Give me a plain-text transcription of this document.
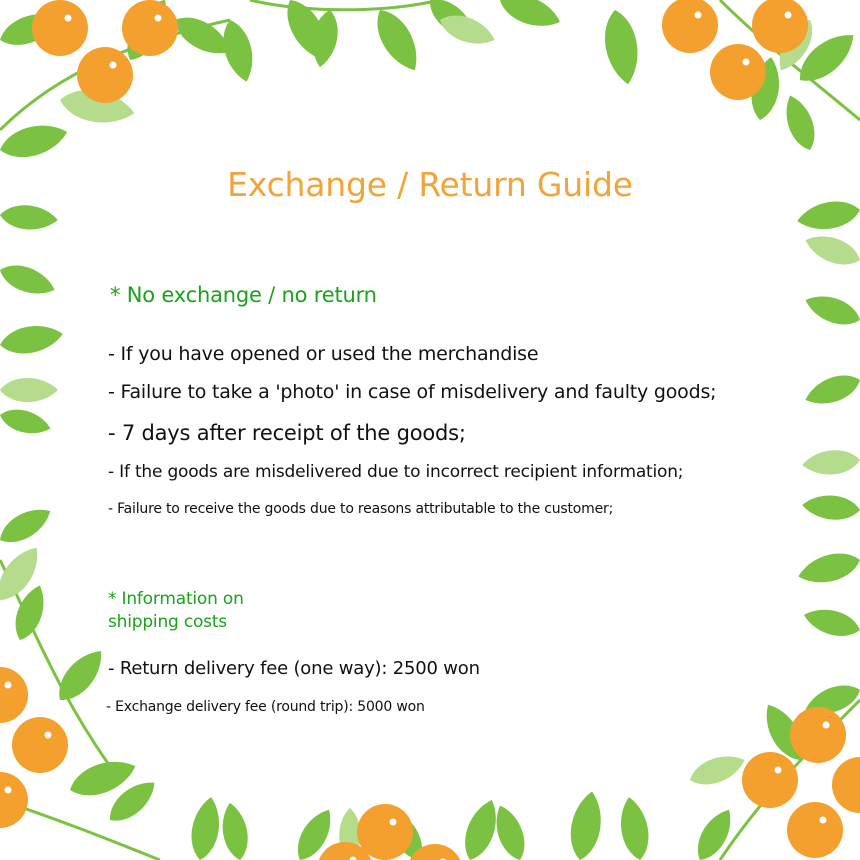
Exchange / Return Guide
* No exchange / no return
- If you have opened or used the merchandise
- Failure to take a 'photo' in case of misdelivery and faulty goods;
- 7 days after receipt of the goods;
- If the goods are misdelivered due to incorrect recipient information;
- Failure to receive the goods due to reasons attributable to the customer;
* Information on
shipping costs
- Return delivery fee (one way): 2500 won
- Exchange delivery fee (round trip): 5000 won
